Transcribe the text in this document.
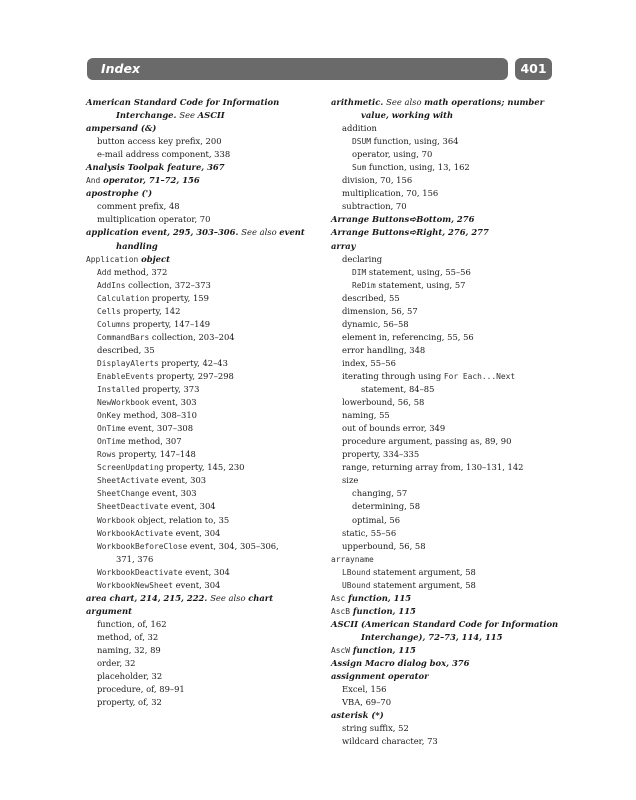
Index	401
American Standard Code for Information
Interchange. See ASCII
ampersand (&)
button access key prefix, 200
e-mail address component, 338
Analysis Toolpak feature, 367
And operator, 71–72, 156
apostrophe (')
comment prefix, 48
multiplication operator, 70
application event, 295, 303–306. See also event
handling
Application object
Add method, 372
AddIns collection, 372–373
Calculation property, 159
Cells property, 142
Columns property, 147–149
CommandBars collection, 203–204
described, 35
DisplayAlerts property, 42–43
EnableEvents property, 297–298
Installed property, 373
NewWorkbook event, 303
OnKey method, 308–310
OnTime event, 307–308
OnTime method, 307
Rows property, 147–148
ScreenUpdating property, 145, 230
SheetActivate event, 303
SheetChange event, 303
SheetDeactivate event, 304
Workbook object, relation to, 35
WorkbookActivate event, 304
WorkbookBeforeClose event, 304, 305–306,
371, 376
WorkbookDeactivate event, 304
WorkbookNewSheet event, 304
area chart, 214, 215, 222. See also chart
argument
function, of, 162
method, of, 32
naming, 32, 89
order, 32
placeholder, 32
procedure, of, 89–91
property, of, 32
arithmetic. See also math operations; number
value, working with
addition
DSUM function, using, 364
operator, using, 70
Sum function, using, 13, 162
division, 70, 156
multiplication, 70, 156
subtraction, 70
Arrange Buttons➪Bottom, 276
Arrange Buttons➪Right, 276, 277
array
declaring
DIM statement, using, 55–56
ReDim statement, using, 57
described, 55
dimension, 56, 57
dynamic, 56–58
element in, referencing, 55, 56
error handling, 348
index, 55–56
iterating through using For Each...Next
statement, 84–85
lowerbound, 56, 58
naming, 55
out of bounds error, 349
procedure argument, passing as, 89, 90
property, 334–335
range, returning array from, 130–131, 142
size
changing, 57
determining, 58
optimal, 56
static, 55–56
upperbound, 56, 58
arrayname
LBound statement argument, 58
UBound statement argument, 58
Asc function, 115
AscB function, 115
ASCII (American Standard Code for Information
Interchange), 72–73, 114, 115
AscW function, 115
Assign Macro dialog box, 376
assignment operator
Excel, 156
VBA, 69–70
asterisk (*)
string suffix, 52
wildcard character, 73
